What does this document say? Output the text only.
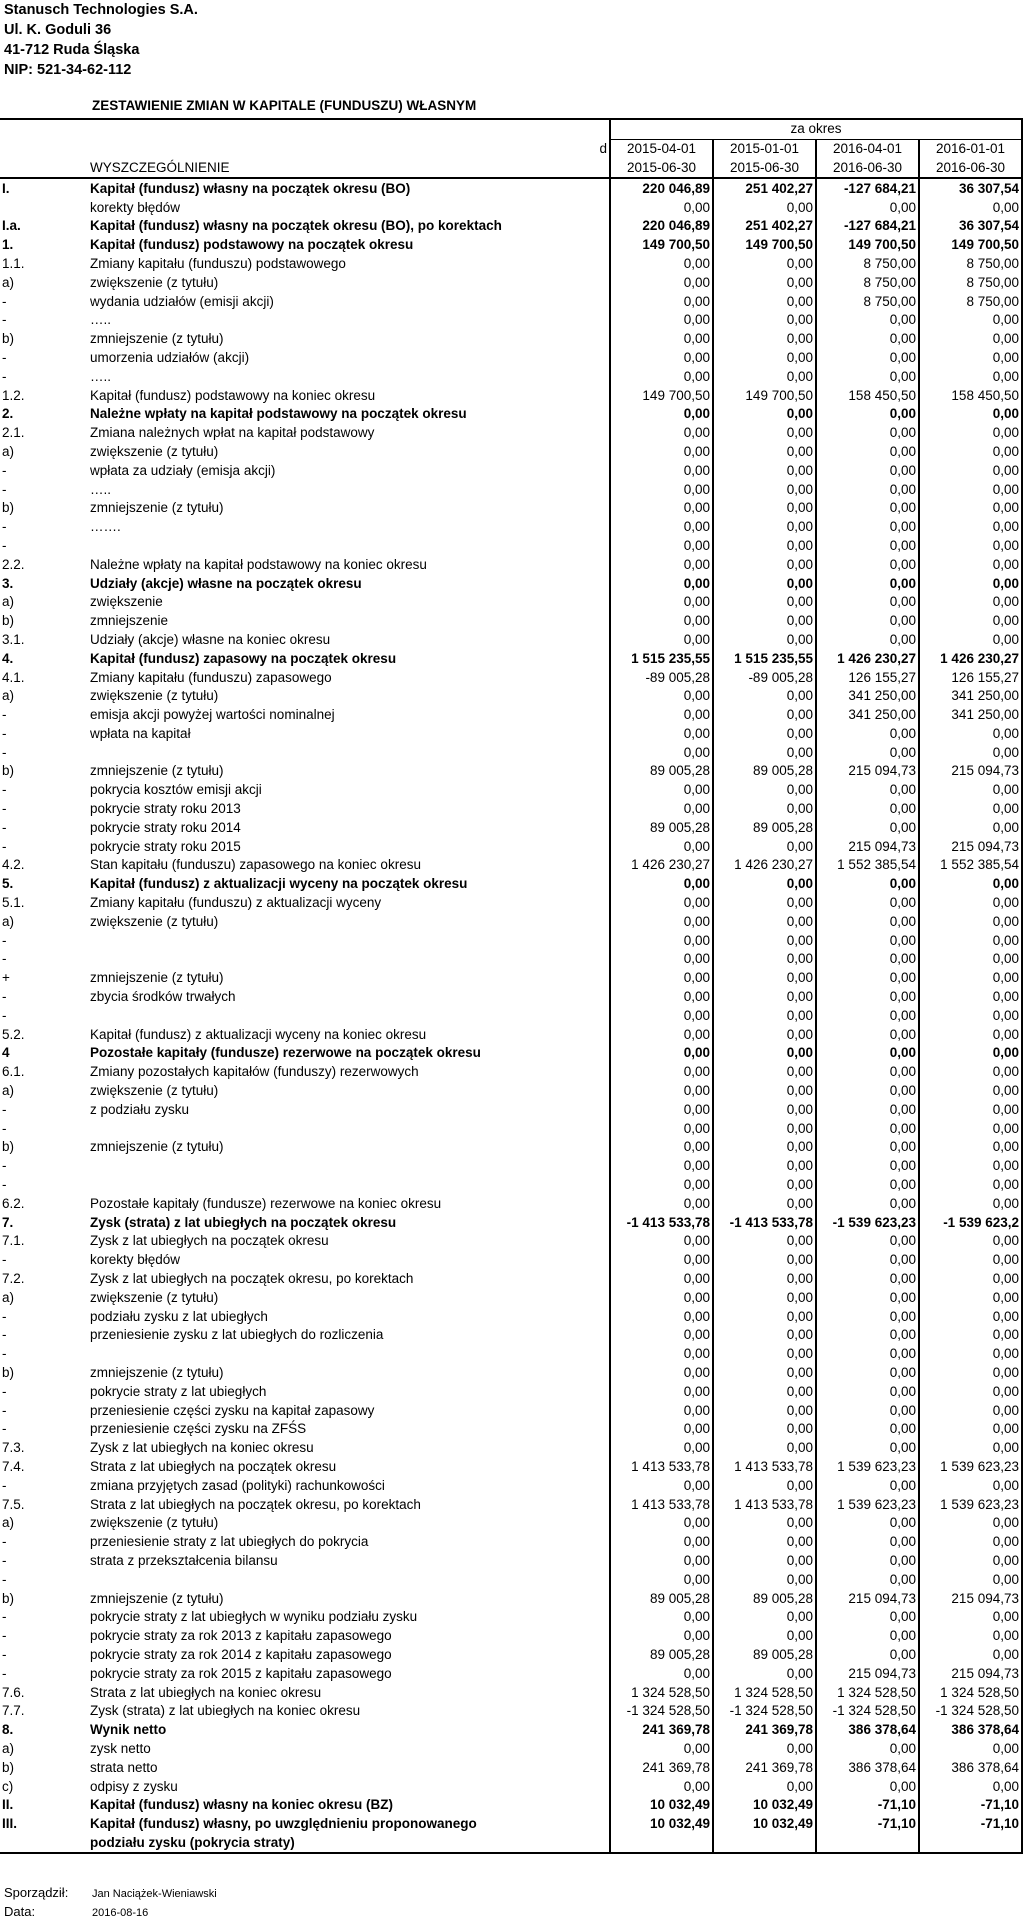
Stanusch Technologies S.A.
Ul. K. Goduli 36
41-712 Ruda Śląska
NIP: 521-34-62-112
ZESTAWIENIE ZMIAN W KAPITALE (FUNDUSZU) WŁASNYM
			za okres			
		d	2015-04-01	2015-01-01	2016-04-01	2016-01-01
	WYSZCZEGÓLNIENIE		2015-06-30	2015-06-30	2016-06-30	2016-06-30
I.	Kapitał (fundusz) własny na początek okresu (BO)		220 046,89	251 402,27	-127 684,21	36 307,54
	korekty błędów		0,00	0,00	0,00	0,00
I.a.	Kapitał (fundusz) własny na początek okresu (BO), po korektach		220 046,89	251 402,27	-127 684,21	36 307,54
1.	Kapitał (fundusz) podstawowy na początek okresu		149 700,50	149 700,50	149 700,50	149 700,50
1.1.	Zmiany kapitału (funduszu) podstawowego		0,00	0,00	8 750,00	8 750,00
a)	zwiększenie (z tytułu)		0,00	0,00	8 750,00	8 750,00
-	wydania udziałów (emisji akcji)		0,00	0,00	8 750,00	8 750,00
-	…..		0,00	0,00	0,00	0,00
b)	zmniejszenie (z tytułu)		0,00	0,00	0,00	0,00
-	umorzenia udziałów (akcji)		0,00	0,00	0,00	0,00
-	…..		0,00	0,00	0,00	0,00
1.2.	Kapitał (fundusz) podstawowy na koniec okresu		149 700,50	149 700,50	158 450,50	158 450,50
2.	Należne wpłaty na kapitał podstawowy na początek okresu		0,00	0,00	0,00	0,00
2.1.	Zmiana należnych wpłat na kapitał podstawowy		0,00	0,00	0,00	0,00
a)	zwiększenie (z tytułu)		0,00	0,00	0,00	0,00
-	wpłata za udziały (emisja akcji)		0,00	0,00	0,00	0,00
-	…..		0,00	0,00	0,00	0,00
b)	zmniejszenie (z tytułu)		0,00	0,00	0,00	0,00
-	…….		0,00	0,00	0,00	0,00
-			0,00	0,00	0,00	0,00
2.2.	Należne wpłaty na kapitał podstawowy na koniec okresu		0,00	0,00	0,00	0,00
3.	Udziały (akcje) własne na początek okresu		0,00	0,00	0,00	0,00
a)	zwiększenie		0,00	0,00	0,00	0,00
b)	zmniejszenie		0,00	0,00	0,00	0,00
3.1.	Udziały (akcje) własne na koniec okresu		0,00	0,00	0,00	0,00
4.	Kapitał (fundusz) zapasowy na początek okresu		1 515 235,55	1 515 235,55	1 426 230,27	1 426 230,27
4.1.	Zmiany kapitału (funduszu) zapasowego		-89 005,28	-89 005,28	126 155,27	126 155,27
a)	zwiększenie (z tytułu)		0,00	0,00	341 250,00	341 250,00
-	emisja akcji powyżej wartości nominalnej		0,00	0,00	341 250,00	341 250,00
-	wpłata na kapitał		0,00	0,00	0,00	0,00
-			0,00	0,00	0,00	0,00
b)	zmniejszenie (z tytułu)		89 005,28	89 005,28	215 094,73	215 094,73
-	pokrycia kosztów emisji akcji		0,00	0,00	0,00	0,00
-	pokrycie straty roku 2013		0,00	0,00	0,00	0,00
-	pokrycie straty roku 2014		89 005,28	89 005,28	0,00	0,00
-	pokrycie straty roku 2015		0,00	0,00	215 094,73	215 094,73
4.2.	Stan kapitału (funduszu) zapasowego na koniec okresu		1 426 230,27	1 426 230,27	1 552 385,54	1 552 385,54
5.	Kapitał (fundusz) z aktualizacji wyceny na początek okresu		0,00	0,00	0,00	0,00
5.1.	Zmiany kapitału (funduszu) z aktualizacji wyceny		0,00	0,00	0,00	0,00
a)	zwiększenie (z tytułu)		0,00	0,00	0,00	0,00
-			0,00	0,00	0,00	0,00
-			0,00	0,00	0,00	0,00
+	zmniejszenie (z tytułu)		0,00	0,00	0,00	0,00
-	zbycia środków trwałych		0,00	0,00	0,00	0,00
-			0,00	0,00	0,00	0,00
5.2.	Kapitał (fundusz) z aktualizacji wyceny na koniec okresu		0,00	0,00	0,00	0,00
4	Pozostałe kapitały (fundusze) rezerwowe na początek okresu		0,00	0,00	0,00	0,00
6.1.	Zmiany pozostałych kapitałów (funduszy) rezerwowych		0,00	0,00	0,00	0,00
a)	zwiększenie (z tytułu)		0,00	0,00	0,00	0,00
-	z podziału zysku		0,00	0,00	0,00	0,00
-			0,00	0,00	0,00	0,00
b)	zmniejszenie (z tytułu)		0,00	0,00	0,00	0,00
-			0,00	0,00	0,00	0,00
-			0,00	0,00	0,00	0,00
6.2.	Pozostałe kapitały (fundusze) rezerwowe na koniec okresu		0,00	0,00	0,00	0,00
7.	Zysk (strata) z lat ubiegłych na początek okresu		-1 413 533,78	-1 413 533,78	-1 539 623,23	-1 539 623,2
7.1.	Zysk z lat ubiegłych na początek okresu		0,00	0,00	0,00	0,00
-	korekty błędów		0,00	0,00	0,00	0,00
7.2.	Zysk z lat ubiegłych na początek okresu, po korektach		0,00	0,00	0,00	0,00
a)	zwiększenie (z tytułu)		0,00	0,00	0,00	0,00
-	podziału zysku z lat ubiegłych		0,00	0,00	0,00	0,00
-	przeniesienie zysku z lat ubiegłych do rozliczenia		0,00	0,00	0,00	0,00
-			0,00	0,00	0,00	0,00
b)	zmniejszenie (z tytułu)		0,00	0,00	0,00	0,00
-	pokrycie straty z lat ubiegłych		0,00	0,00	0,00	0,00
-	przeniesienie części zysku na kapitał zapasowy		0,00	0,00	0,00	0,00
-	przeniesienie części zysku na ZFŚS		0,00	0,00	0,00	0,00
7.3.	Zysk z lat ubiegłych na koniec okresu		0,00	0,00	0,00	0,00
7.4.	Strata z lat ubiegłych na początek okresu		1 413 533,78	1 413 533,78	1 539 623,23	1 539 623,23
-	zmiana przyjętych zasad (polityki) rachunkowości		0,00	0,00	0,00	0,00
7.5.	Strata z lat ubiegłych na początek okresu, po korektach		1 413 533,78	1 413 533,78	1 539 623,23	1 539 623,23
a)	zwiększenie (z tytułu)		0,00	0,00	0,00	0,00
-	przeniesienie straty z lat ubiegłych do pokrycia		0,00	0,00	0,00	0,00
-	strata z przekształcenia bilansu		0,00	0,00	0,00	0,00
-			0,00	0,00	0,00	0,00
b)	zmniejszenie (z tytułu)		89 005,28	89 005,28	215 094,73	215 094,73
-	pokrycie straty z lat ubiegłych w wyniku podziału zysku		0,00	0,00	0,00	0,00
-	pokrycie straty za rok 2013 z kapitału zapasowego		0,00	0,00	0,00	0,00
-	pokrycie straty za rok 2014 z kapitału zapasowego		89 005,28	89 005,28	0,00	0,00
-	pokrycie straty za rok 2015 z kapitału zapasowego		0,00	0,00	215 094,73	215 094,73
7.6.	Strata z lat ubiegłych na koniec okresu		1 324 528,50	1 324 528,50	1 324 528,50	1 324 528,50
7.7.	Zysk (strata) z lat ubiegłych na koniec okresu		-1 324 528,50	-1 324 528,50	-1 324 528,50	-1 324 528,50
8.	Wynik netto		241 369,78	241 369,78	386 378,64	386 378,64
a)	zysk netto		0,00	0,00	0,00	0,00
b)	strata netto		241 369,78	241 369,78	386 378,64	386 378,64
c)	odpisy z zysku		0,00	0,00	0,00	0,00
II.	Kapitał (fundusz) własny na koniec okresu (BZ)		10 032,49	10 032,49	-71,10	-71,10
III.	Kapitał (fundusz) własny, po uwzględnieniu proponowanego		10 032,49	10 032,49	-71,10	-71,10
	podziału zysku (pokrycia straty)					
Sporządził: Jan Naciążek-Wieniawski
Data:	2016-08-16
